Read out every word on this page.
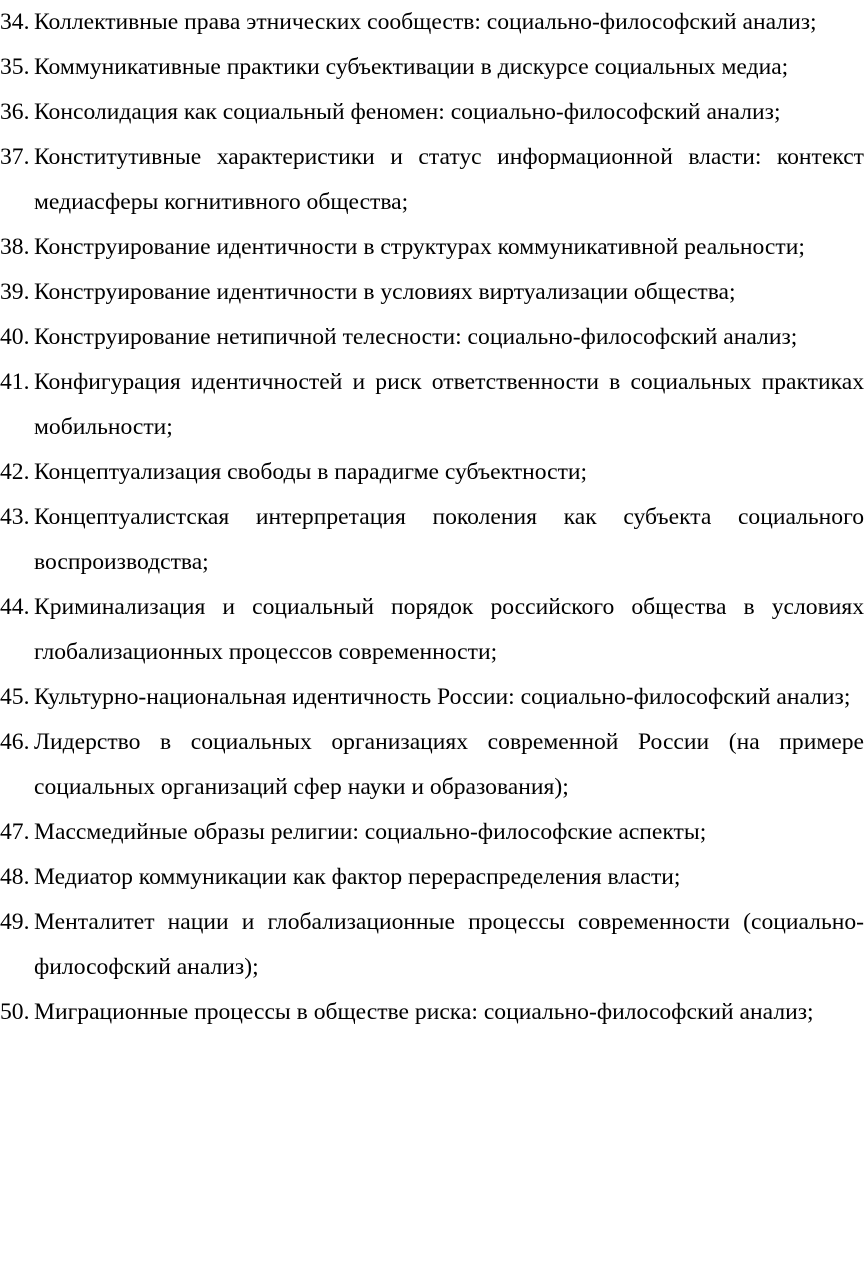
34. Коллективные права этнических сообществ: социально-философский анализ;
35. Коммуникативные практики субъективации в дискурсе социальных медиа;
36. Консолидация как социальный феномен: социально-философский анализ;
37. Конститутивные характеристики и статус информационной власти: контекст медиасферы когнитивного общества;
38. Конструирование идентичности в структурах коммуникативной реальности;
39. Конструирование идентичности в условиях виртуализации общества;
40. Конструирование нетипичной телесности: социально-философский анализ;
41. Конфигурация идентичностей и риск ответственности в социальных практиках мобильности;
42. Концептуализация свободы в парадигме субъектности;
43. Концептуалистская интерпретация поколения как субъекта социального воспроизводства;
44. Криминализация и социальный порядок российского общества в условиях глобализационных процессов современности;
45. Культурно-национальная идентичность России: социально-философский анализ;
46. Лидерство в социальных организациях современной России (на примере социальных организаций сфер науки и образования);
47. Массмедийные образы религии: социально-философские аспекты;
48. Медиатор коммуникации как фактор перераспределения власти;
49. Менталитет нации и глобализационные процессы современности (социально-философский анализ);
50. Миграционные процессы в обществе риска: социально-философский анализ;
